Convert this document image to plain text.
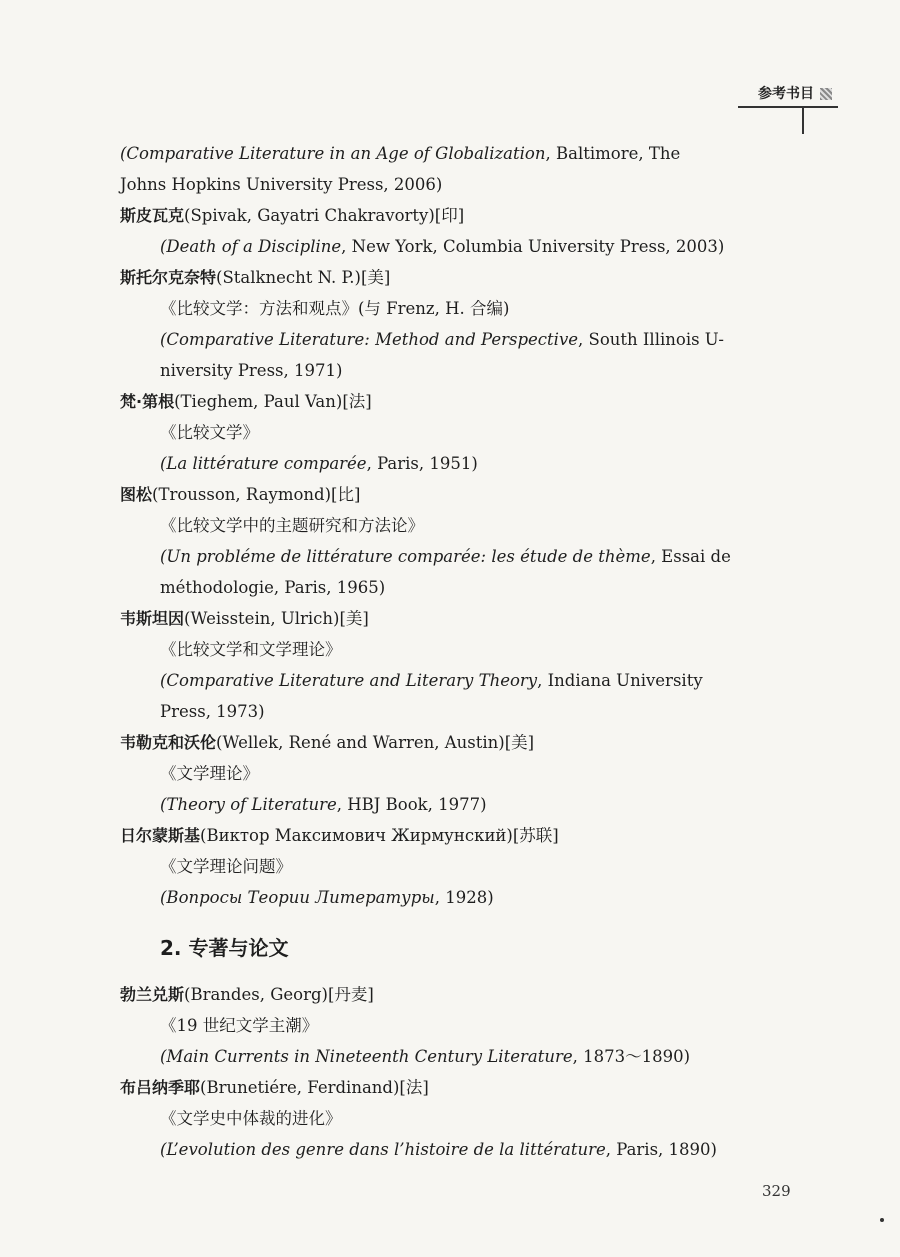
参考书目
(Comparative Literature in an Age of Globalization , Baltimore, The
Johns Hopkins University Press, 2006)
斯皮瓦克 (Spivak, Gayatri Chakravorty)[印]
(Death of a Discipline , New York, Columbia University Press, 2003)
斯托尔克奈特 (Stalknecht N. P.)[美]
《比较文学：方法和观点》(与 Frenz, H. 合编)
(Comparative Literature: Method and Perspective , South Illinois U-
niversity Press, 1971)
梵·第根 (Tieghem, Paul Van)[法]
《比较文学》
(La littérature comparée , Paris, 1951)
图松 (Trousson, Raymond)[比]
《比较文学中的主题研究和方法论》
(Un probléme de littérature comparée: les étude de thème , Essai de
méthodologie, Paris, 1965)
韦斯坦因 (Weisstein, Ulrich)[美]
《比较文学和文学理论》
(Comparative Literature and Literary Theory , Indiana University
Press, 1973)
韦勒克和沃伦 (Wellek, René and Warren, Austin)[美]
《文学理论》
(Theory of Literature , HBJ Book, 1977)
日尔蒙斯基 (Виктор Максимович Жирмунский)[苏联]
《文学理论问题》
(Вопросы Теории Литературы , 1928)
2. 专著与论文
勃兰兑斯 (Brandes, Georg)[丹麦]
《19 世纪文学主潮》
(Main Currents in Nineteenth Century Literature , 1873～1890)
布吕纳季耶 (Brunetiére, Ferdinand)[法]
《文学史中体裁的进化》
(L’evolution des genre dans l’histoire de la littérature , Paris, 1890)
329
